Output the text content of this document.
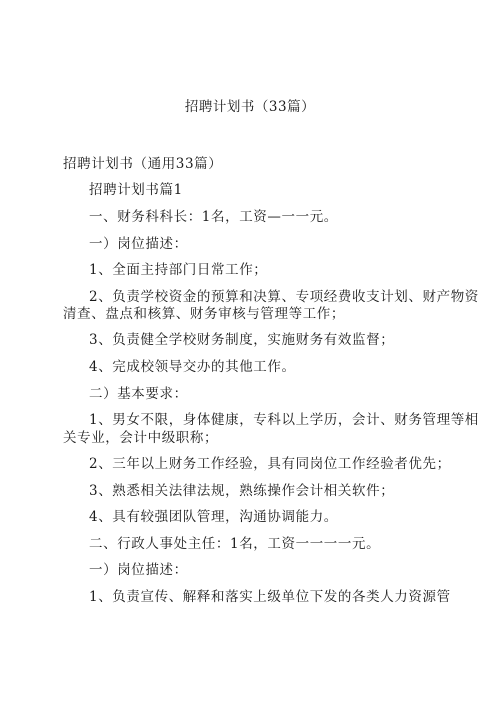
招聘计划书（33篇）
招聘计划书（通用33篇）
招聘计划书篇1
一、财务科科长：1名，工资—一一元。
一）岗位描述：
1、全面主持部门日常工作；
2、负责学校资金的预算和决算、专项经费收支计划、财产物资
清查、盘点和核算、财务审核与管理等工作；
3、负责健全学校财务制度，实施财务有效监督；
4、完成校领导交办的其他工作。
二）基本要求：
1、男女不限，身体健康，专科以上学历，会计、财务管理等相
关专业，会计中级职称；
2、三年以上财务工作经验，具有同岗位工作经验者优先；
3、熟悉相关法律法规，熟练操作会计相关软件；
4、具有较强团队管理，沟通协调能力。
二、行政人事处主任：1名，工资一一一一元。
一）岗位描述：
1、负责宣传、解释和落实上级单位下发的各类人力资源管
